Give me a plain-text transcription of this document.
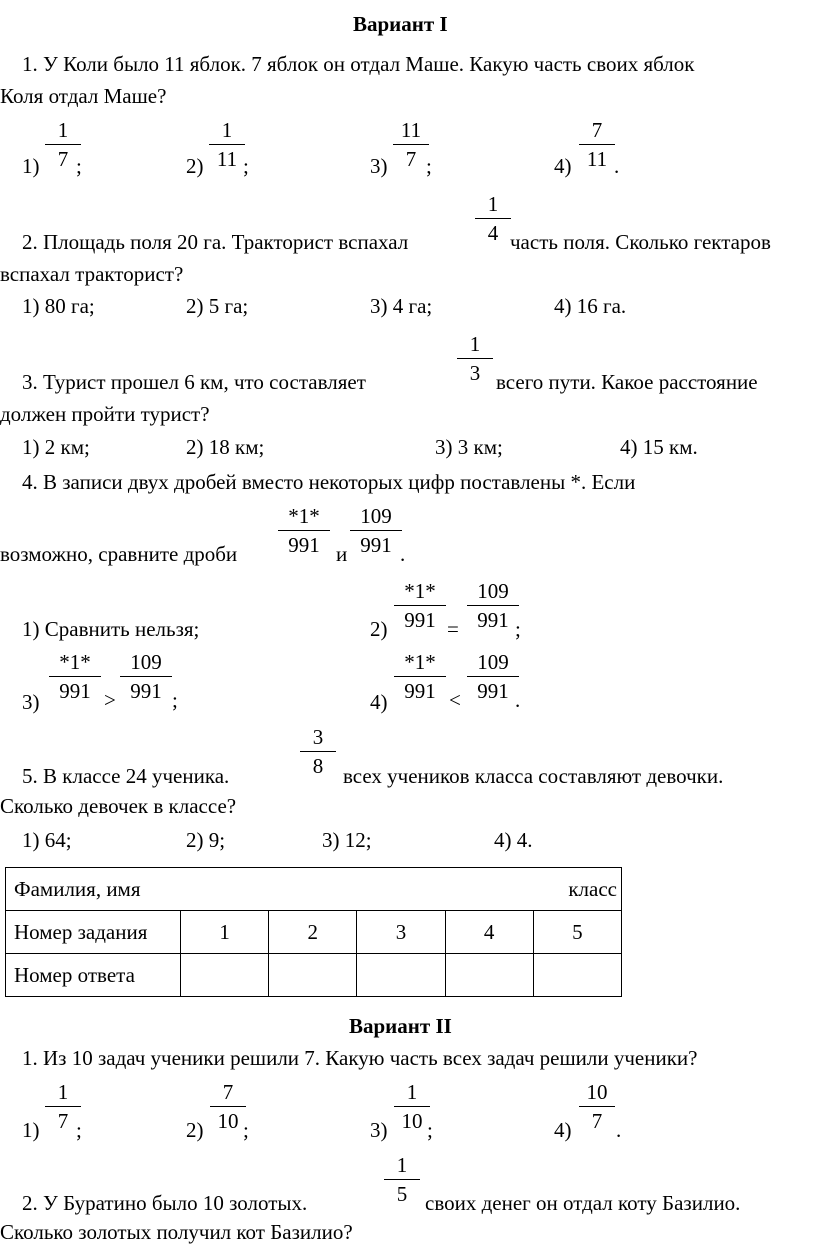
Вариант I
1. У Коли было 11 яблок. 7 яблок он отдал Маше. Какую часть своих яблок
Коля отдал Маше?
1)
1
7 ;	2)
1
11 ;	3)
11
7 ;	4)
7
11 .
2. Площадь поля 20 га. Тракторист вспахал
1
4 часть поля. Сколько гектаров
вспахал тракторист?
1) 80 га;	2) 5 га;	3) 4 га;	4) 16 га.
3. Турист прошел 6 км, что составляет
1
3 всего пути. Какое расстояние
должен пройти турист?
1) 2 км;	2) 18 км;	3) 3 км;	4) 15 км.
4. В записи двух дробей вместо некоторых цифр поставлены *. Если
возможно, сравните дроби
*1*
991 и
109
991 .
1) Сравнить нельзя;	2)
*1*
991 =
109
991 ;
3)
*1*
991 >
109
991 ;	4)
*1*
991 <
109
991 .
5. В классе 24 ученика.
3
8 всех учеников класса составляют девочки.
Сколько девочек в классе?
1) 64;	2) 9;	3) 12;	4) 4.
Фамилия, имя класс					

Номер задания	1	2	3	4	5
Номер ответа					
Вариант II
1. Из 10 задач ученики решили 7. Какую часть всех задач решили ученики?
1)
1
7 ;	2)
7
10 ;	3)
1
10 ;	4)
10
7 .
2. У Буратино было 10 золотых.
1
5 своих денег он отдал коту Базилио.
Сколько золотых получил кот Базилио?
